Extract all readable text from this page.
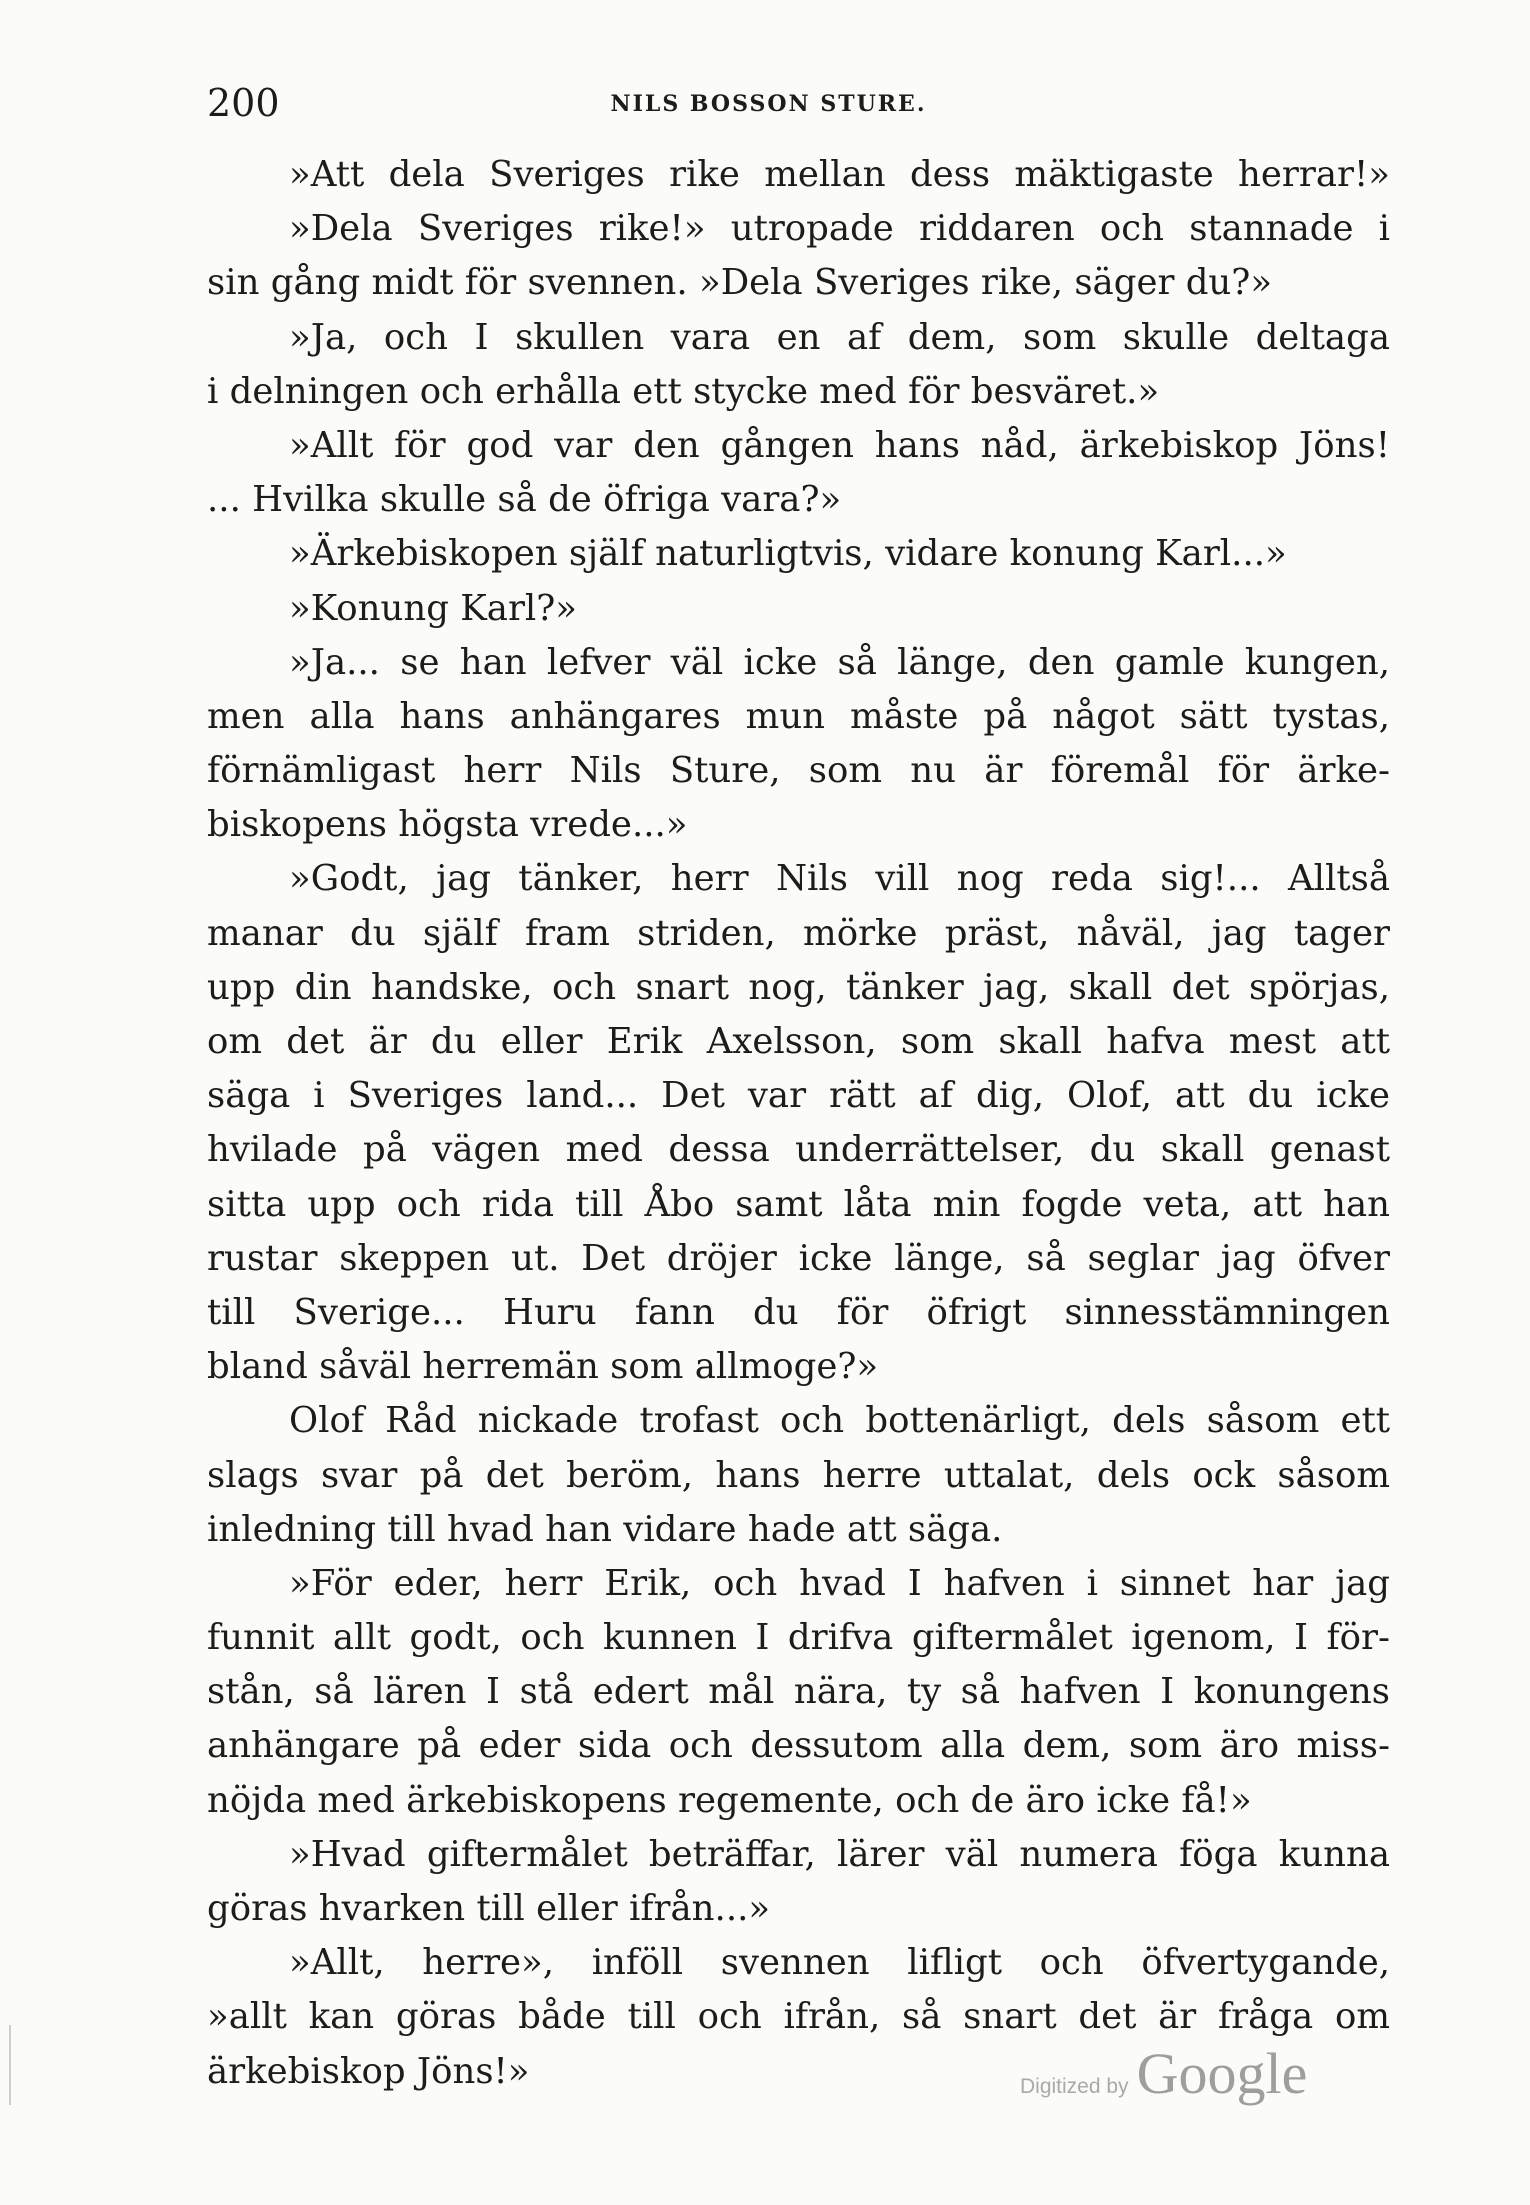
200	NILS BOSSON STURE.
»Att dela Sveriges rike mellan dess mäktigaste herrar!»
»Dela Sveriges rike!» utropade riddaren och stannade i
sin gång midt för svennen. »Dela Sveriges rike, säger du?»
»Ja, och I skullen vara en af dem, som skulle deltaga
i delningen och erhålla ett stycke med för besväret.»
»Allt för god var den gången hans nåd, ärkebiskop Jöns!
... Hvilka skulle så de öfriga vara?»
»Ärkebiskopen själf naturligtvis, vidare konung Karl...»
»Konung Karl?»
»Ja... se han lefver väl icke så länge, den gamle kungen,
men alla hans anhängares mun måste på något sätt tystas,
förnämligast herr Nils Sture, som nu är föremål för ärke-
biskopens högsta vrede...»
»Godt, jag tänker, herr Nils vill nog reda sig!... Alltså
manar du själf fram striden, mörke präst, nåväl, jag tager
upp din handske, och snart nog, tänker jag, skall det spörjas,
om det är du eller Erik Axelsson, som skall hafva mest att
säga i Sveriges land... Det var rätt af dig, Olof, att du icke
hvilade på vägen med dessa underrättelser, du skall genast
sitta upp och rida till Åbo samt låta min fogde veta, att han
rustar skeppen ut. Det dröjer icke länge, så seglar jag öfver
till Sverige... Huru fann du för öfrigt sinnesstämningen
bland såväl herremän som allmoge?»
Olof Råd nickade trofast och bottenärligt, dels såsom ett
slags svar på det beröm, hans herre uttalat, dels ock såsom
inledning till hvad han vidare hade att säga.
»För eder, herr Erik, och hvad I hafven i sinnet har jag
funnit allt godt, och kunnen I drifva giftermålet igenom, I för-
stån, så lären I stå edert mål nära, ty så hafven I konungens
anhängare på eder sida och dessutom alla dem, som äro miss-
nöjda med ärkebiskopens regemente, och de äro icke få!»
»Hvad giftermålet beträffar, lärer väl numera föga kunna
göras hvarken till eller ifrån...»
»Allt, herre», inföll svennen lifligt och öfvertygande,
»allt kan göras både till och ifrån, så snart det är fråga om
ärkebiskop Jöns!»	Digitized by Google
